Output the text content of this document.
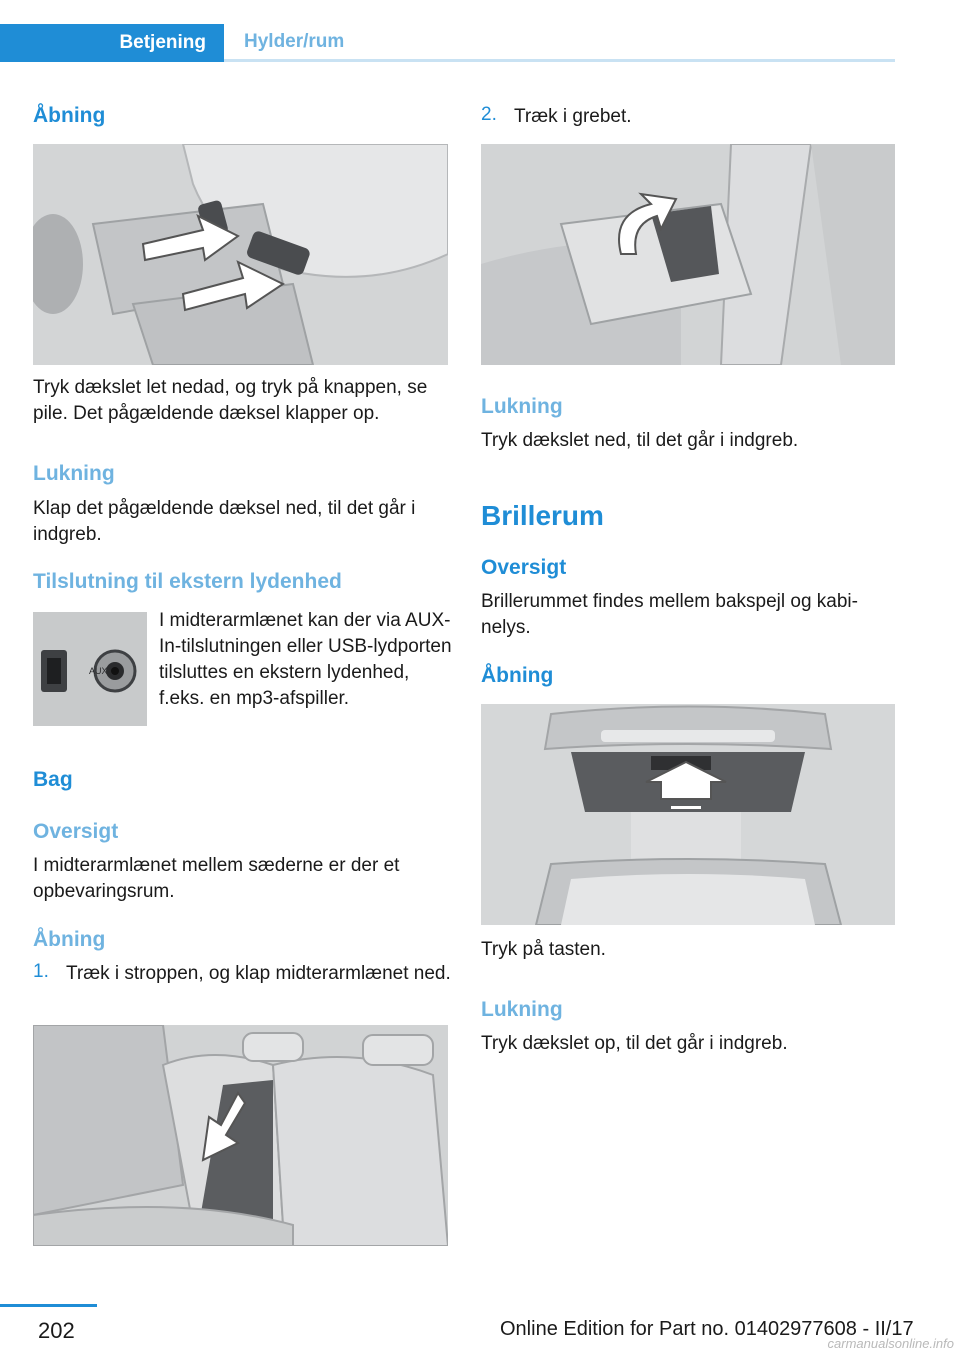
Betjening	Hylder/rum
Åbning
Tryk dækslet let nedad, og tryk på knappen, se pile. Det pågældende dæksel klapper op.
Lukning
Klap det pågældende dæksel ned, til det går i indgreb.
Tilslutning til ekstern lydenhed
AUX
I midterarmlænet kan der via AUX-In-tilslutningen eller USB-lydporten tilsluttes en ekstern lydenhed, f.eks. en mp3-afspiller.
Bag
Oversigt
I midterarmlænet mellem sæderne er der et opbevaringsrum.
Åbning
1. Træk i stroppen, og klap midterarmlænet ned.
2. Træk i grebet.
Lukning
Tryk dækslet ned, til det går i indgreb.
Brillerum
Oversigt
Brillerummet findes mellem bakspejl og kabinelys.
Åbning
Tryk på tasten.
Lukning
Tryk dækslet op, til det går i indgreb.
202	Online Edition for Part no. 01402977608 - II/17
carmanualsonline.info
